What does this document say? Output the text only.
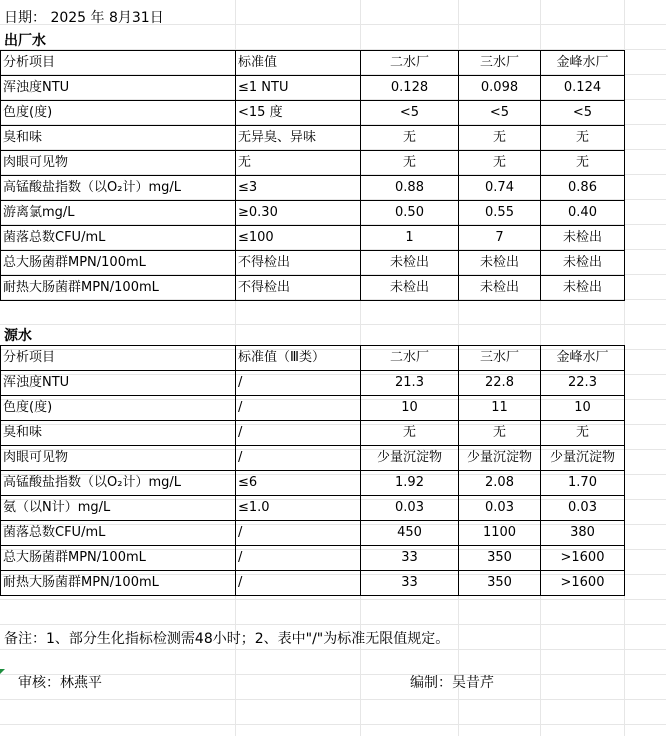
日期： 2025 年 8月31日
出厂水
分析项目	标准值	二水厂	三水厂	金峰水厂
浑浊度NTU	≤1 NTU	0.128	0.098	0.124
色度(度)	<15 度	<5	<5	<5
臭和味	无异臭、异味	无	无	无
肉眼可见物	无	无	无	无
高锰酸盐指数（以O₂计）mg/L	≤3	0.88	0.74	0.86
游离氯mg/L	≥0.30	0.50	0.55	0.40
菌落总数CFU/mL	≤100	1	7	未检出
总大肠菌群MPN/100mL	不得检出	未检出	未检出	未检出
耐热大肠菌群MPN/100mL	不得检出	未检出	未检出	未检出
源水
分析项目	标准值（Ⅲ类）	二水厂	三水厂	金峰水厂
浑浊度NTU	/	21.3	22.8	22.3
色度(度)	/	10	11	10
臭和味	/	无	无	无
肉眼可见物	/	少量沉淀物	少量沉淀物	少量沉淀物
高锰酸盐指数（以O₂计）mg/L	≤6	1.92	2.08	1.70
氨（以N计）mg/L	≤1.0	0.03	0.03	0.03
菌落总数CFU/mL	/	450	1100	380
总大肠菌群MPN/100mL	/	33	350	>1600
耐热大肠菌群MPN/100mL	/	33	350	>1600
备注：1、部分生化指标检测需48小时；2、表中"/"为标准无限值规定。
审核：林燕平	编制：吴昔芹
